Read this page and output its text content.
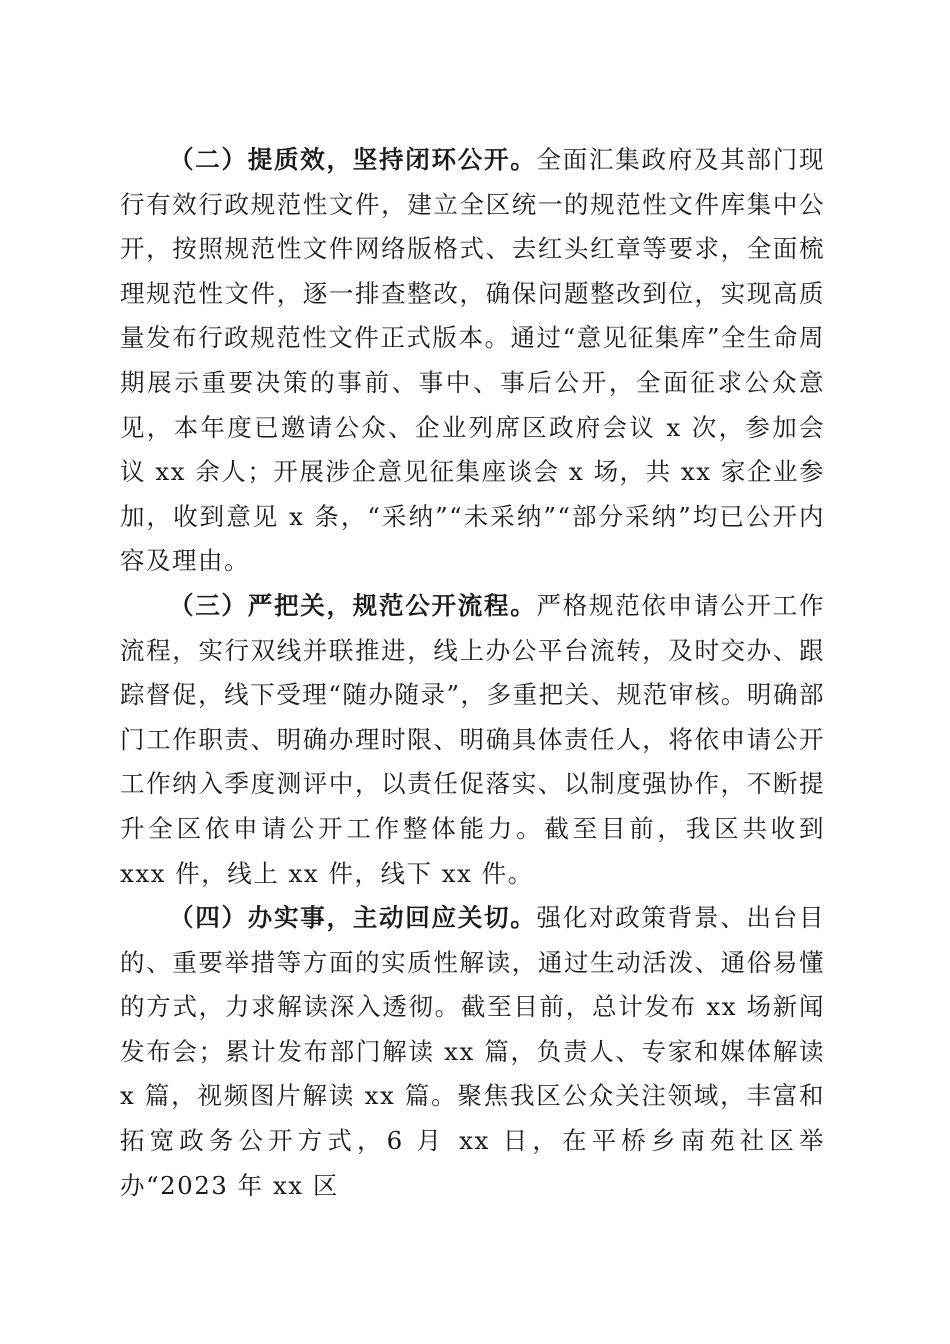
（二）提质效，坚持闭环公开。全面汇集政府及其部门现行有效行政规范性文件，建立全区统一的规范性文件库集中公开，按照规范性文件网络版格式、去红头红章等要求，全面梳理规范性文件，逐一排查整改，确保问题整改到位，实现高质量发布行政规范性文件正式版本。通过“意见征集库”全生命周期展示重要决策的事前、事中、事后公开，全面征求公众意见，本年度已邀请公众、企业列席区政府会议 x 次，参加会议 xx 余人；开展涉企意见征集座谈会 x 场，共 xx 家企业参加，收到意见 x 条，“采纳”“未采纳”“部分采纳”均已公开内容及理由。

（三）严把关，规范公开流程。严格规范依申请公开工作流程，实行双线并联推进，线上办公平台流转，及时交办、跟踪督促，线下受理“随办随录”，多重把关、规范审核。明确部门工作职责、明确办理时限、明确具体责任人，将依申请公开工作纳入季度测评中，以责任促落实、以制度强协作，不断提升全区依申请公开工作整体能力。截至目前，我区共收到 xxx 件，线上 xx 件，线下 xx 件。

（四）办实事，主动回应关切。强化对政策背景、出台目的、重要举措等方面的实质性解读，通过生动活泼、通俗易懂的方式，力求解读深入透彻。截至目前，总计发布 xx 场新闻发布会；累计发布部门解读 xx 篇，负责人、专家和媒体解读 x 篇，视频图片解读 xx 篇。聚焦我区公众关注领域，丰富和拓宽政务公开方式，6 月 xx 日，在平桥乡南苑社区举办“2023 年 xx 区
